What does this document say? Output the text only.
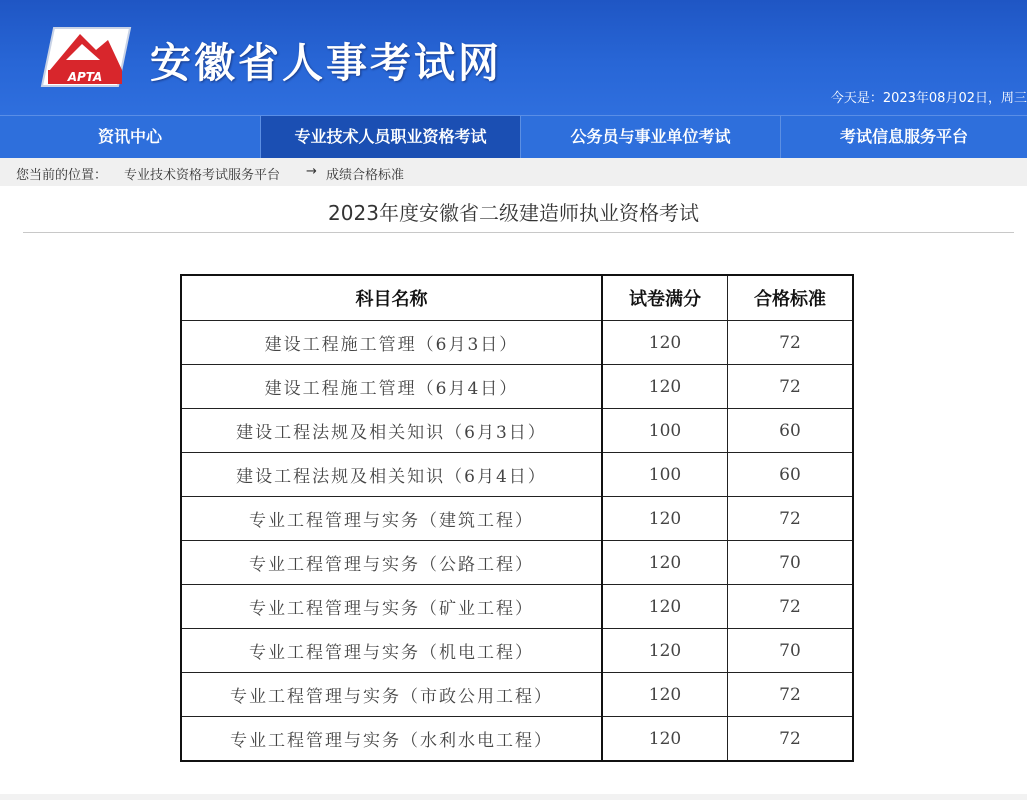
APTA 安徽省人事考试网
今天是：2023年08月02日，周三
资讯中心	专业技术人员职业资格考试	公务员与事业单位考试	考试信息服务平台
您当前的位置： 专业技术资格考试服务平台 → 成绩合格标准
2023年度安徽省二级建造师执业资格考试
科目名称	试卷满分	合格标准
建设工程施工管理（6月3日）	120	72
建设工程施工管理（6月4日）	120	72
建设工程法规及相关知识（6月3日）	100	60
建设工程法规及相关知识（6月4日）	100	60
专业工程管理与实务（建筑工程）	120	72
专业工程管理与实务（公路工程）	120	70
专业工程管理与实务（矿业工程）	120	72
专业工程管理与实务（机电工程）	120	70
专业工程管理与实务（市政公用工程）	120	72
专业工程管理与实务（水利水电工程）	120	72
